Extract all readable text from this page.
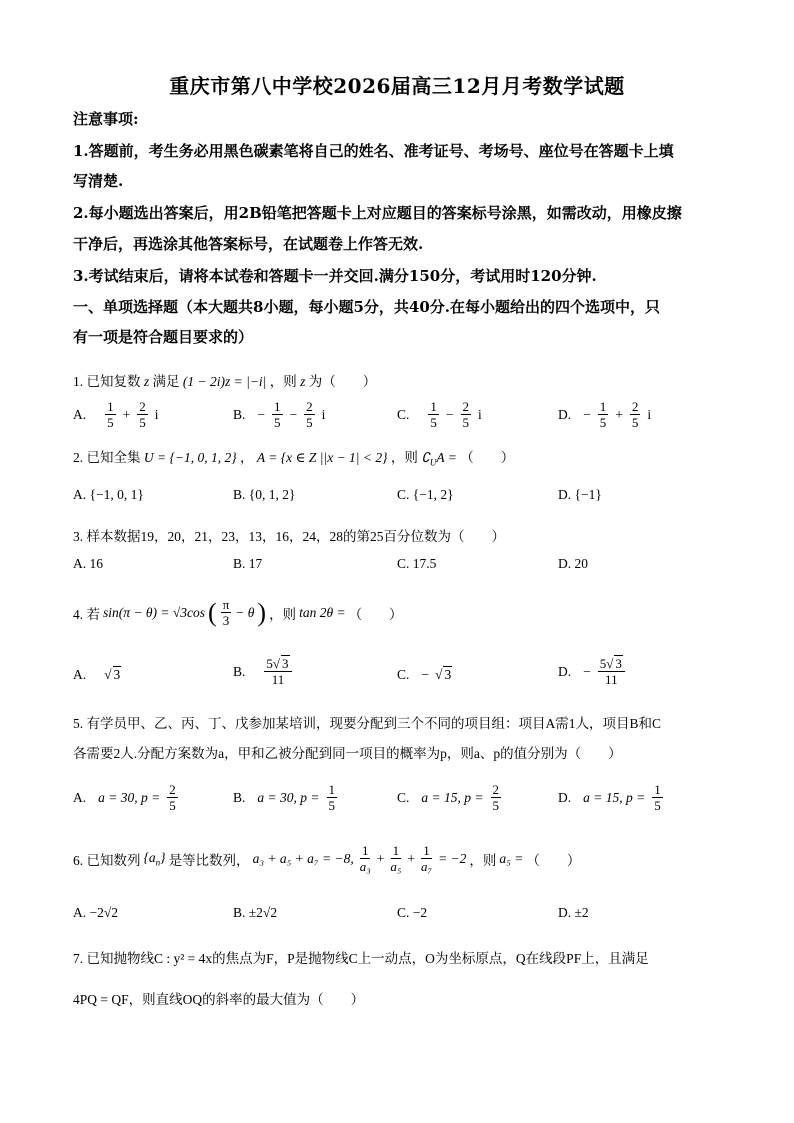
重庆市第八中学校2026届高三12月月考数学试题
注意事项:
1.答题前，考生务必用黑色碳素笔将自己的姓名、准考证号、考场号、座位号在答题卡上填
写清楚.
2.每小题选出答案后，用2B铅笔把答题卡上对应题目的答案标号涂黑，如需改动，用橡皮擦
干净后，再选涂其他答案标号，在试题卷上作答无效.
3.考试结束后，请将本试卷和答题卡一并交回.满分150分，考试用时120分钟.
一、单项选择题（本大题共8小题，每小题5分，共40分.在每小题给出的四个选项中，只
有一项是符合题目要求的）
1. 已知复数 z 满足 (1 − 2i)z = |−i| ，则 z 为（　　）
A. $\frac{1}{5} + \frac{2}{5}$ i	B. − $\frac{1}{5} - \frac{2}{5}$ i	C. $\frac{1}{5} - \frac{2}{5}$ i	D. − $\frac{1}{5} + \frac{2}{5}$ i
2. 已知全集 U = {−1, 0, 1, 2} ， A = {x ∈ Z ||x − 1| < 2} ，则 $∁_UA$ = （　　）
A. {−1, 0, 1}	B. {0, 1, 2}	C. {−1, 2}	D. {−1}
3. 样本数据19，20，21，23，13，16，24，28的第25百分位数为（　　）
A. 16	B. 17	C. 17.5	D. 20
4. 若 sin(π − θ) = √3cos ( $\frac{\pi}{3} - \theta$ ) ，则 tan 2θ = （　　）
A. √ 3	B. $\frac{5√ 3}{11}$	C. − √ 3	D. − $\frac{5√ 3}{11}$
5. 有学员甲、乙、丙、丁、戊参加某培训，现要分配到三个不同的项目组：项目A需1人，项目B和C
各需要2人.分配方案数为a，甲和乙被分配到同一项目的概率为p，则a、p的值分别为（　　）
A. a = 30, $p = \frac{2}{5}$	B. a = 30, $p = \frac{1}{5}$	C. a = 15, $p = \frac{2}{5}$	D. a = 15, $p = \frac{1}{5}$
6. 已知数列 $\{a_n\}$ 是等比数列， a₃ + a₅ + a₇ = −8, $\frac{1}{\text{a₃}} + \frac{1}{\text{a₅}} + \frac{1}{\text{a₇}} = -2$ ，则 a₅ = （　　）
A. −2√2	B. ±2√2	C. −2	D. ±2
7. 已知抛物线C : y² = 4x的焦点为F，P是抛物线C上一动点，O为坐标原点，Q在线段PF上，且满足
4PQ = QF，则直线OQ的斜率的最大值为（　　）
